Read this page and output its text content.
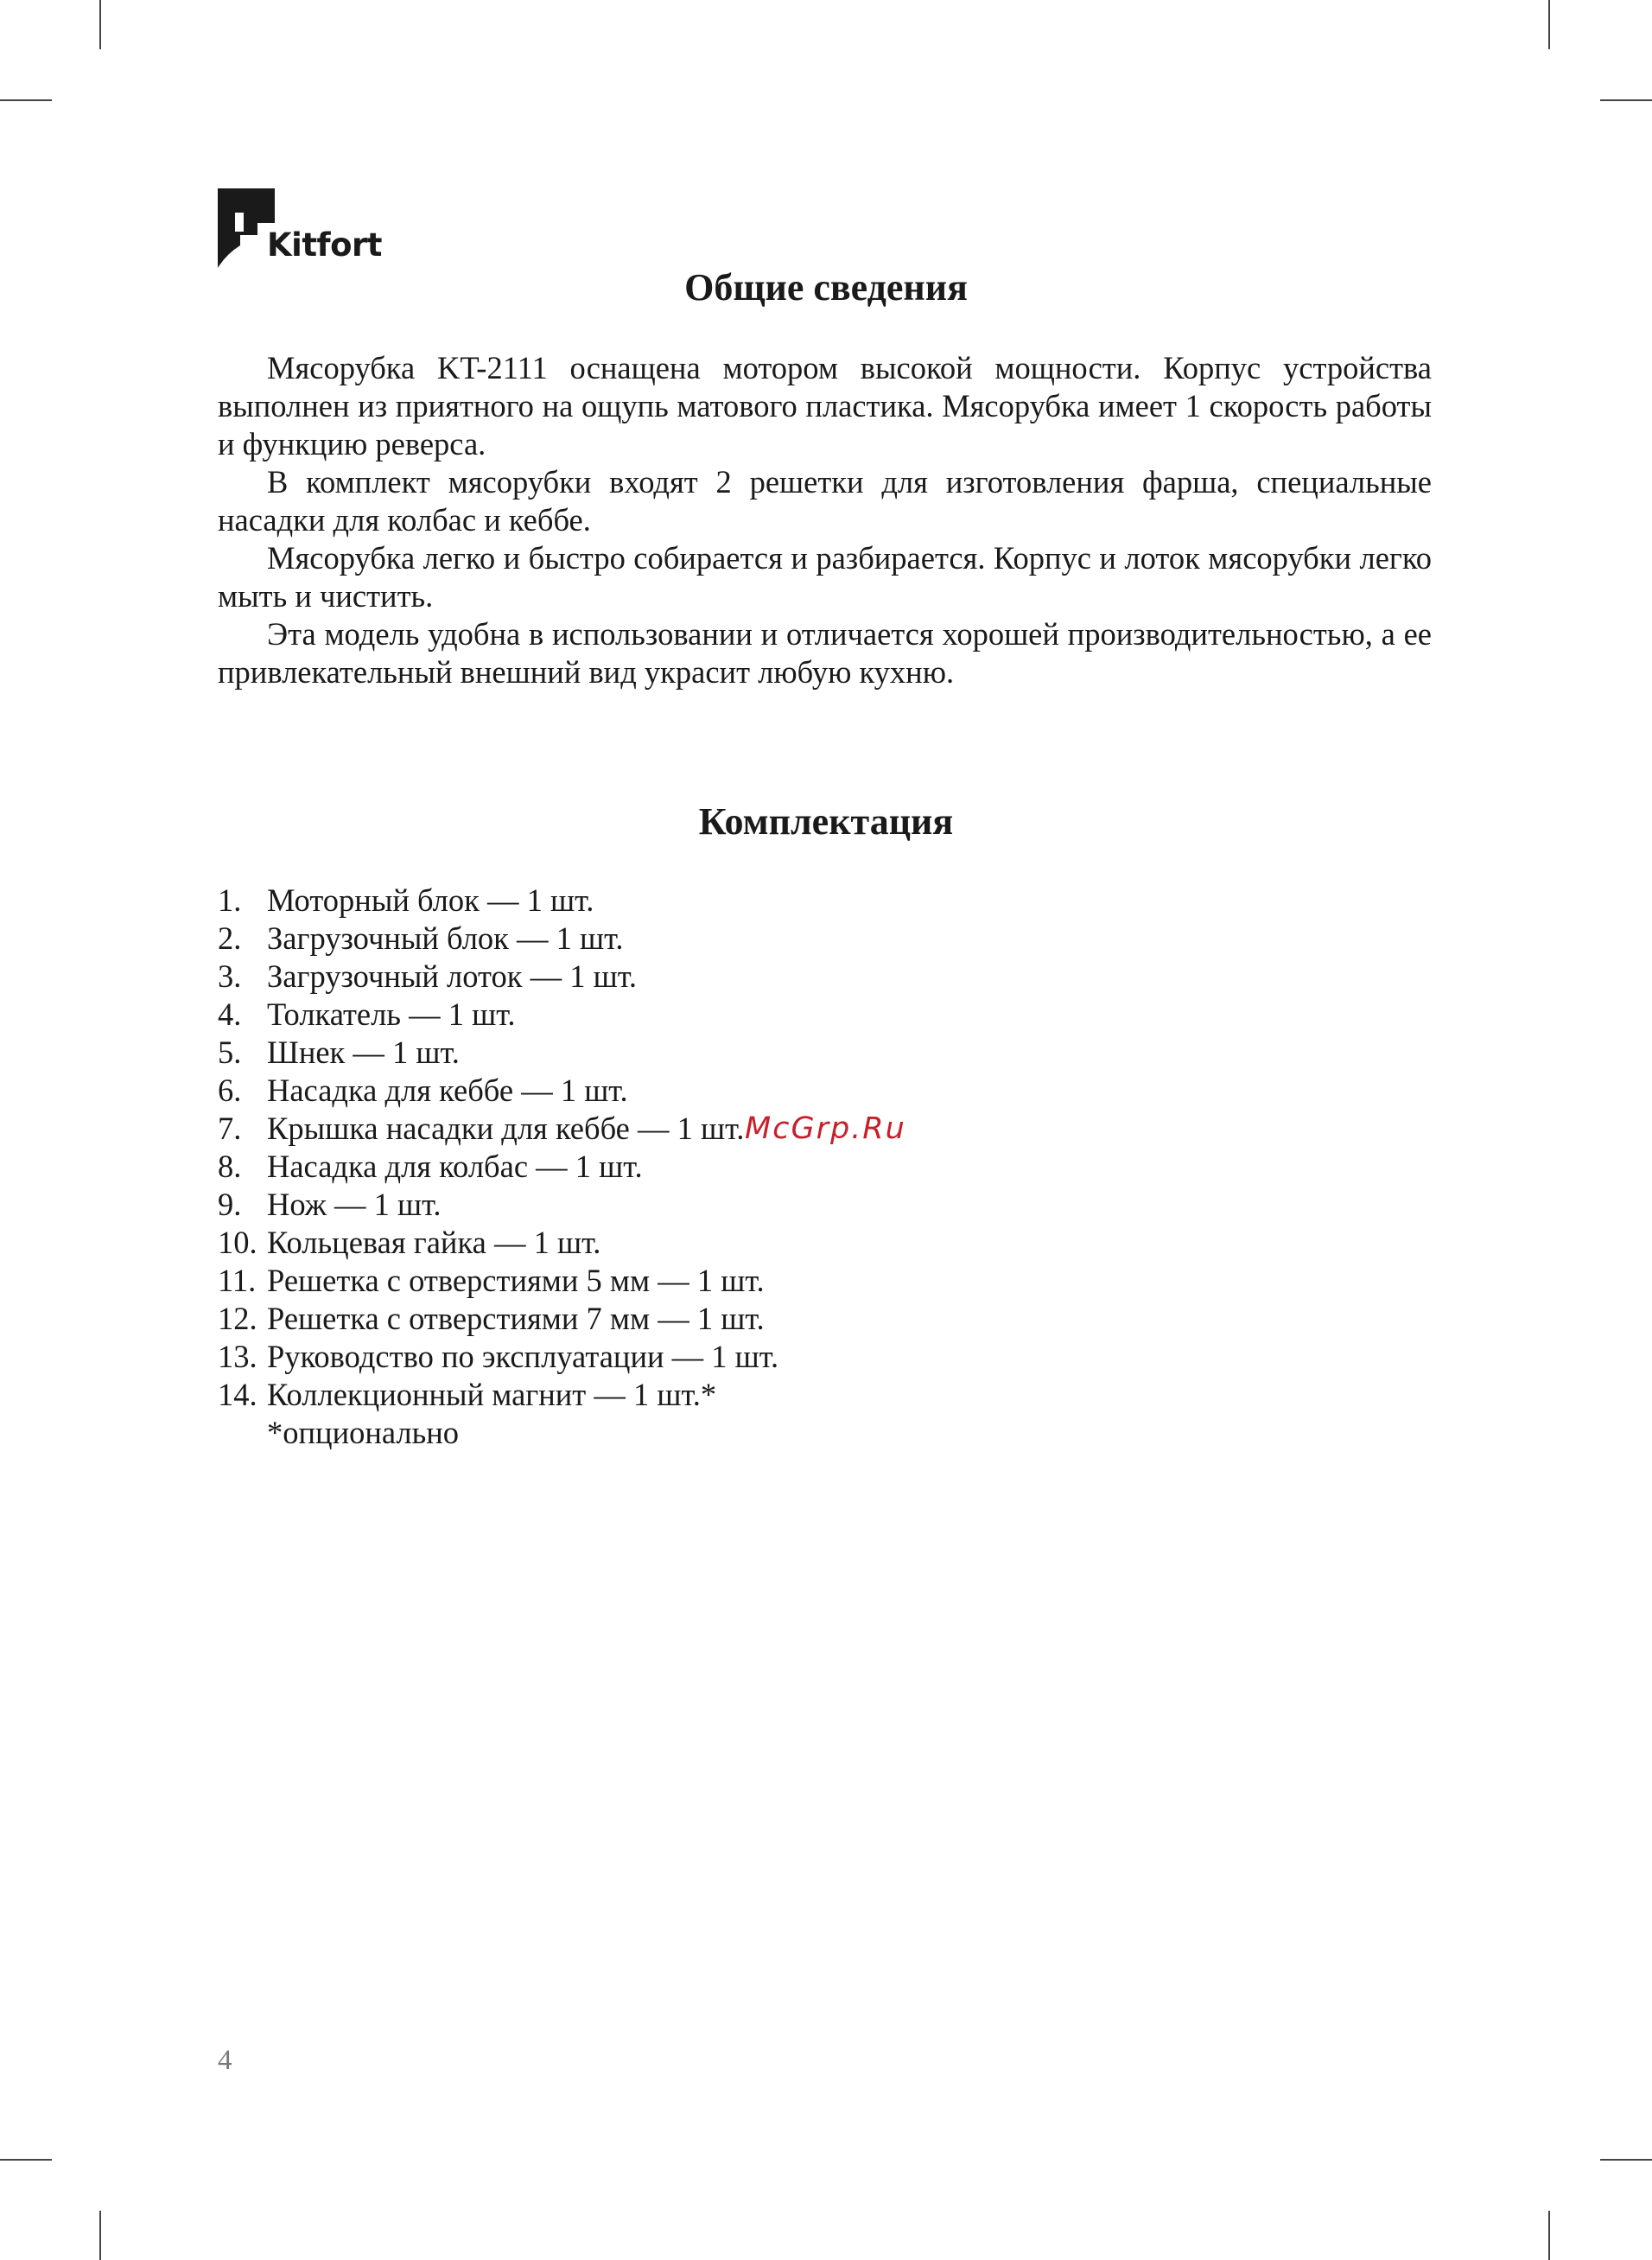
Kitfort
Общие сведения

Мясорубка KT-2111 оснащена мотором высокой мощности. Корпус устройства выполнен из приятного на ощупь матового пластика. Мясорубка имеет 1 скорость работы и функцию реверса.

В комплект мясорубки входят 2 решетки для изготовления фарша, специальные насадки для колбас и кеббе.

Мясорубка легко и быстро собирается и разбирается. Корпус и лоток мясорубки легко мыть и чистить.

Эта модель удобна в использовании и отличается хорошей производительностью, а ее привлекательный внешний вид украсит любую кухню.

Комплектация
1. Моторный блок — 1 шт.
2. Загрузочный блок — 1 шт.
3. Загрузочный лоток — 1 шт.
4. Толкатель — 1 шт.
5. Шнек — 1 шт.
6. Насадка для кеббе — 1 шт.
7. Крышка насадки для кеббе — 1 шт.
8. Насадка для колбас — 1 шт.
9. Нож — 1 шт.
10. Кольцевая гайка — 1 шт.
11. Решетка с отверстиями 5 мм — 1 шт.
12. Решетка с отверстиями 7 мм — 1 шт.
13. Руководство по эксплуатации — 1 шт.
14. Коллекционный магнит — 1 шт.*
*опционально
McGrp.Ru
4
